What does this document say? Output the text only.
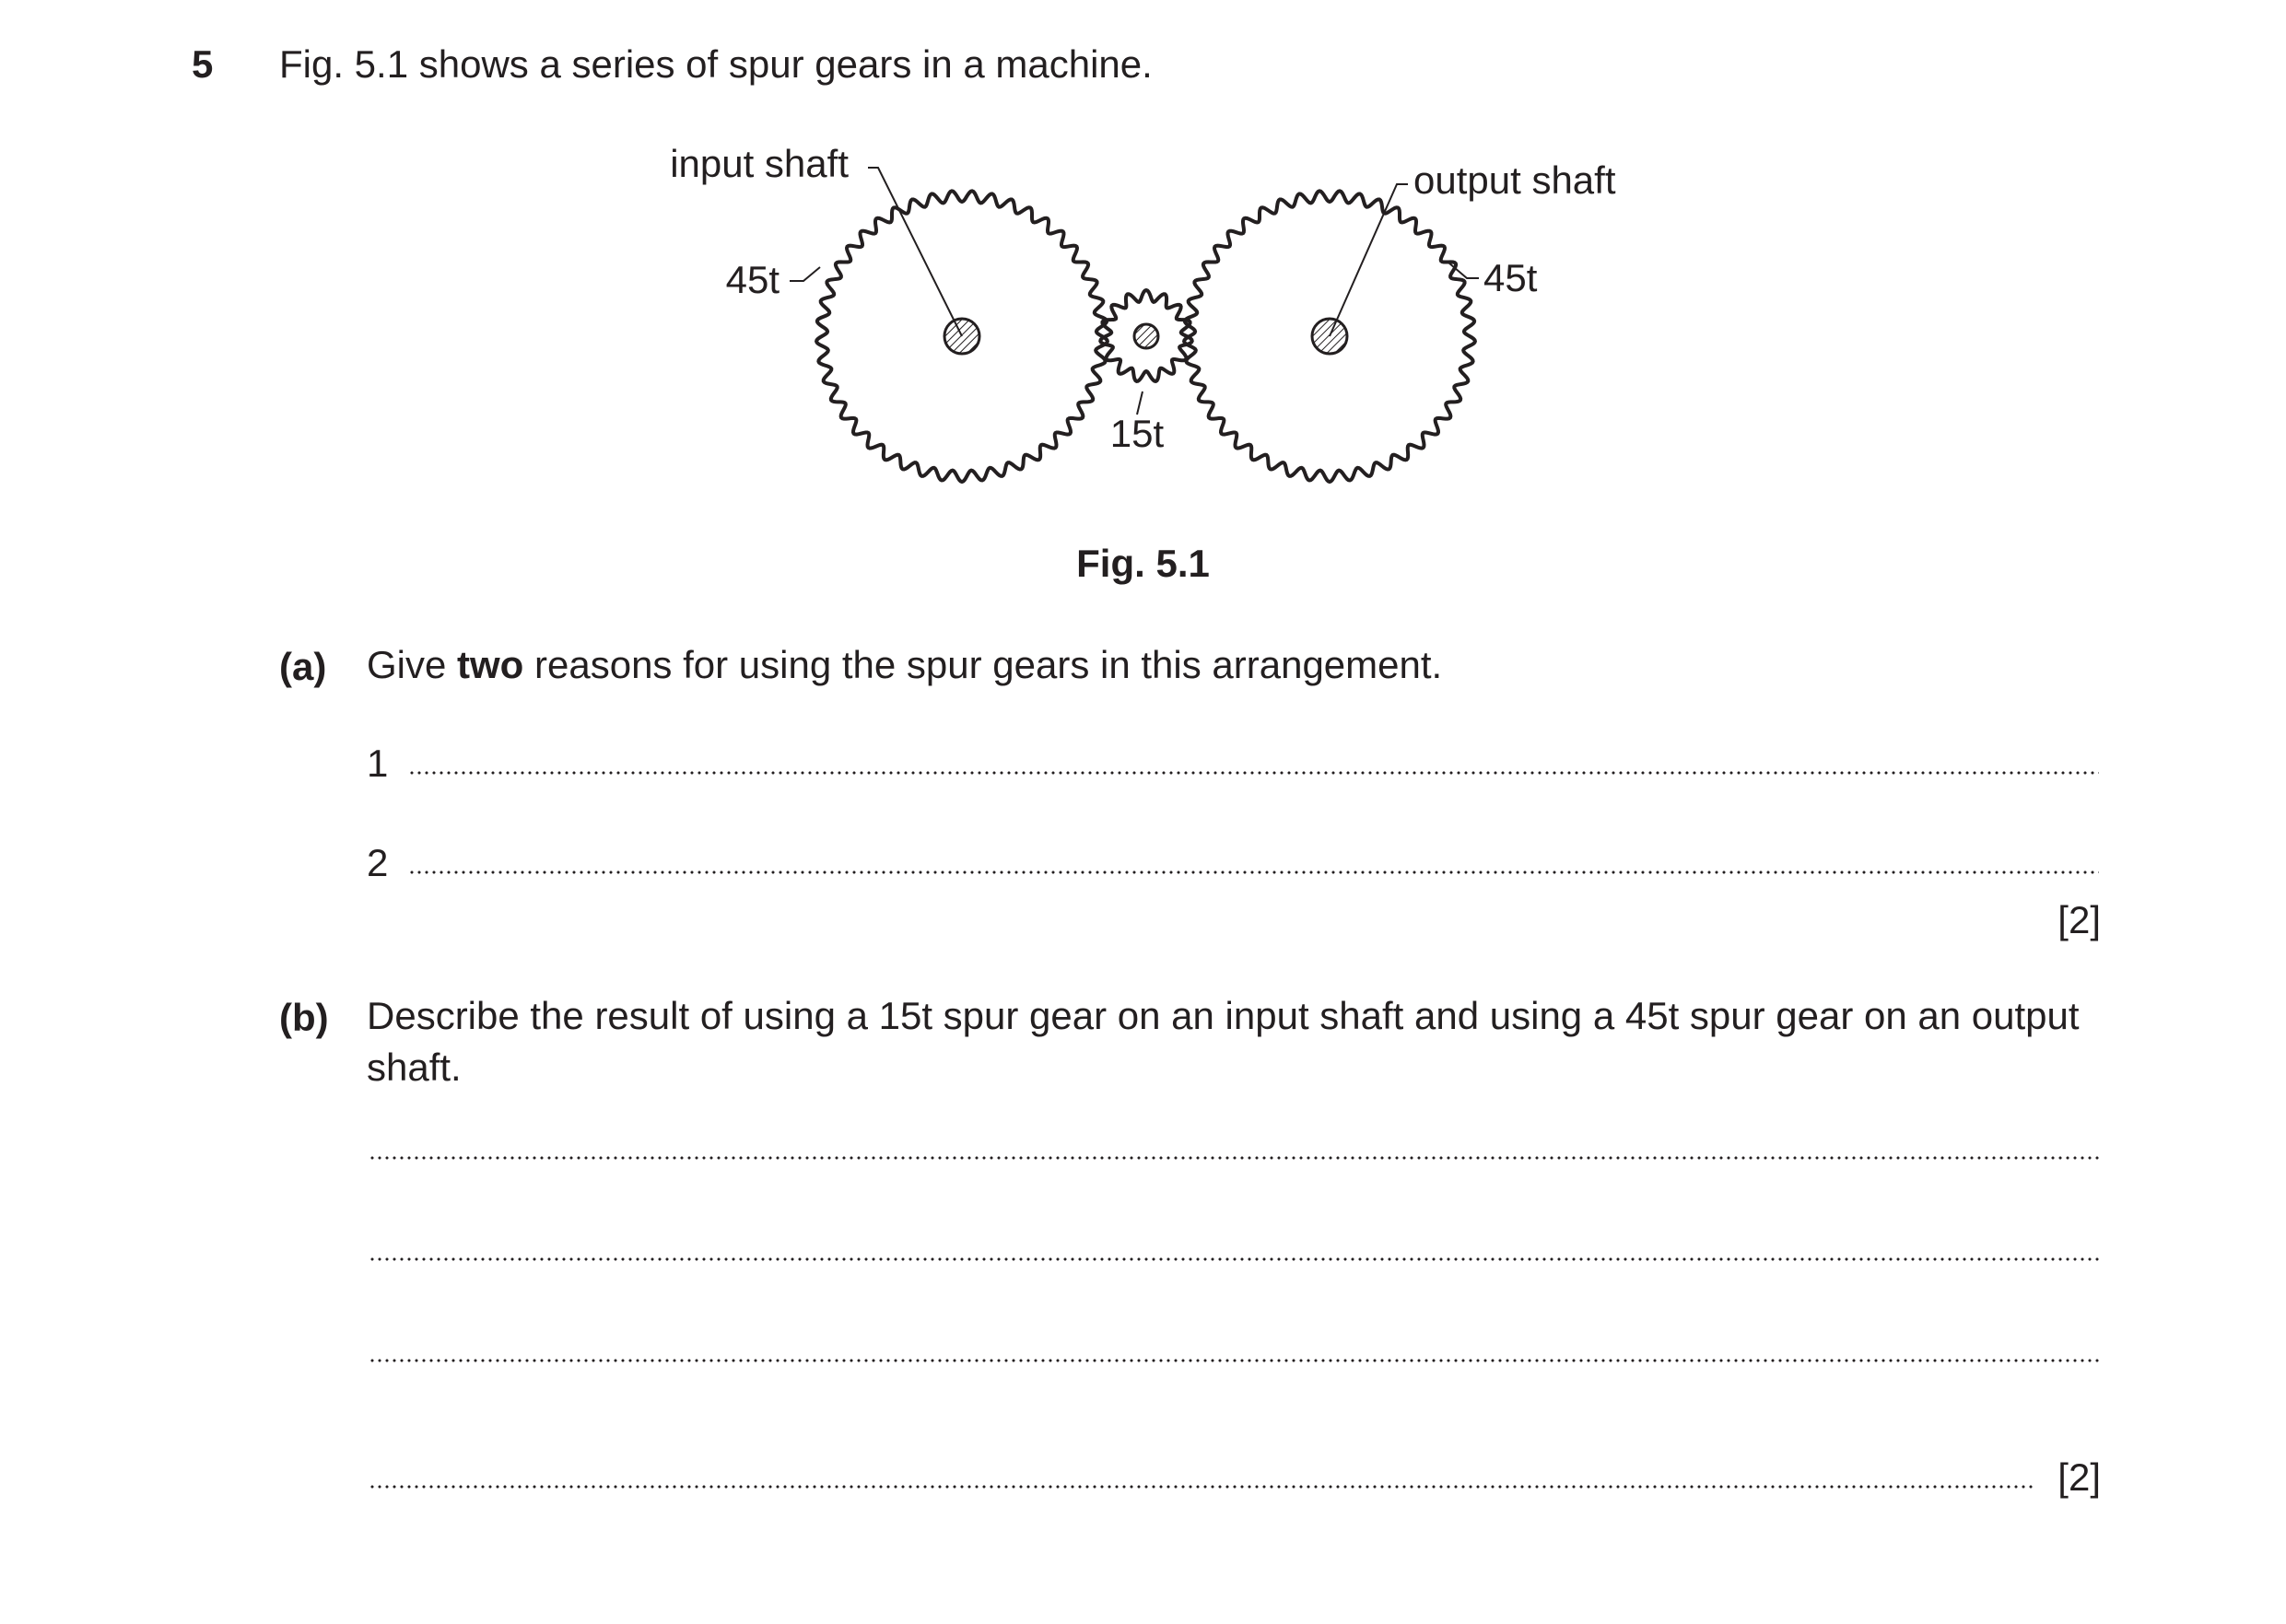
5 Fig. 5.1 shows a series of spur gears in a machine.
input shaft	output shaft
45t
15t
45t
Fig. 5.1
(a) Give two reasons for using the spur gears in this arrangement.
1
2
[2]
(b) Describe the result of using a 15t spur gear on an input shaft and using a 45t spur gear on an output shaft.
[2]
